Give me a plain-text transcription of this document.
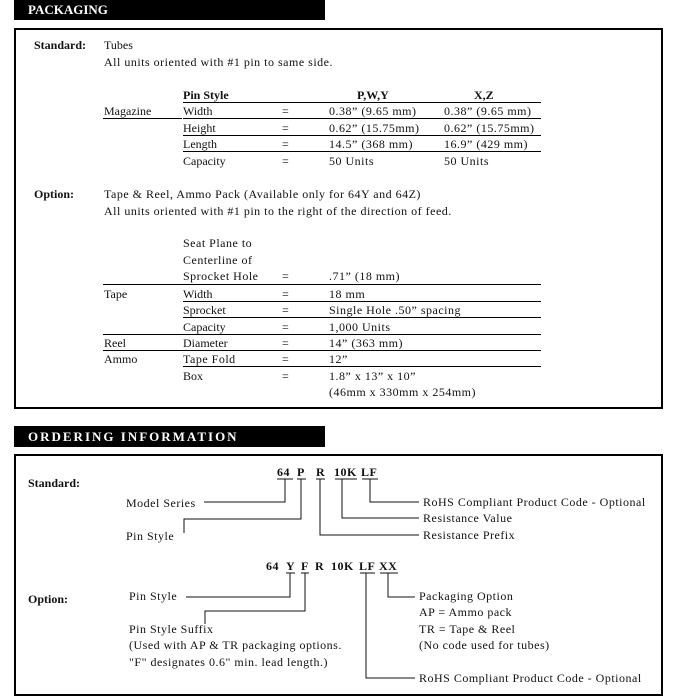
PACKAGING
Standard: Tubes
All units oriented with #1 pin to same side.
Pin Style	P,W,Y	X,Z
Magazine	Width	=	0.38” (9.65 mm) 0.38” (9.65 mm)
Height	=	0.62” (15.75mm) 0.62” (15.75mm)
Length	=	14.5” (368 mm)	16.9” (429 mm)
Capacity	=	50 Units	50 Units
Option: Tape & Reel, Ammo Pack (Available only for 64Y and 64Z)
All units oriented with #1 pin to the right of the direction of feed.
Seat Plane to
Centerline of
Sprocket Hole =	.71” (18 mm)
Tape	Width	=	18 mm
Sprocket	=	Single Hole .50” spacing
Capacity	=	1,000 Units
Reel	Diameter	=	14” (363 mm)
Ammo	Tape Fold	=	12”
Box	=	1.8” x 13” x 10”
(46mm x 330mm x 254mm)
ORDERING INFORMATION
Standard:
64 P R 10K LF
Model Series
Pin Style
RoHS Compliant Product Code - Optional
Resistance Value
Resistance Prefix
Option:
64 Y F R 10K LF XX
Pin Style
Pin Style Suffix
(Used with AP & TR packaging options.
"F" designates 0.6" min. lead length.)
Packaging Option
AP = Ammo pack
TR = Tape & Reel
(No code used for tubes)
RoHS Compliant Product Code - Optional
